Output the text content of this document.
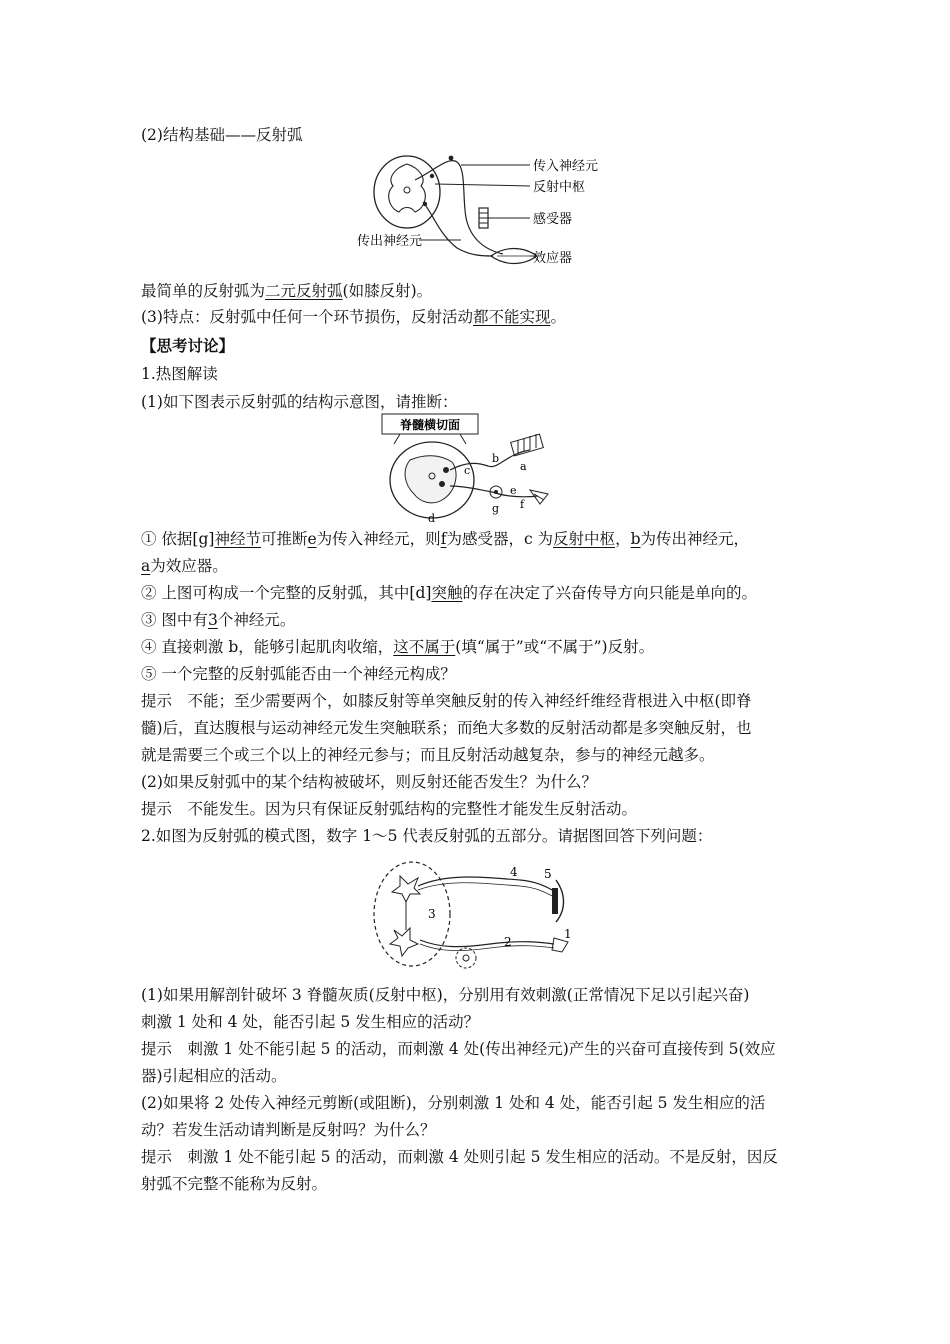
(2)结构基础——反射弧
传入神经元
反射中枢
感受器
传出神经元
效应器
最简单的反射弧为二元反射弧(如膝反射)。
(3)特点：反射弧中任何一个环节损伤，反射活动都不能实现。
【思考讨论】
1.热图解读
(1)如下图表示反射弧的结构示意图，请推断：
脊髓横切面
a
b
c
d
e
f
g
① 依据[g]神经节可推断e为传入神经元，则f为感受器，c 为反射中枢，b为传出神经元，
a为效应器。
② 上图可构成一个完整的反射弧，其中[d]突触的存在决定了兴奋传导方向只能是单向的。
③ 图中有3个神经元。
④ 直接刺激 b，能够引起肌肉收缩，这不属于(填“属于”或“不属于”)反射。
⑤ 一个完整的反射弧能否由一个神经元构成？
提示　不能；至少需要两个，如膝反射等单突触反射的传入神经纤维经背根进入中枢(即脊
髓)后，直达腹根与运动神经元发生突触联系；而绝大多数的反射活动都是多突触反射，也
就是需要三个或三个以上的神经元参与；而且反射活动越复杂，参与的神经元越多。
(2)如果反射弧中的某个结构被破坏，则反射还能否发生？为什么？
提示　不能发生。因为只有保证反射弧结构的完整性才能发生反射活动。
2.如图为反射弧的模式图，数字 1～5 代表反射弧的五部分。请据图回答下列问题：
4 5
3
2
1
(1)如果用解剖针破坏 3 脊髓灰质(反射中枢)，分别用有效刺激(正常情况下足以引起兴奋)
刺激 1 处和 4 处，能否引起 5 发生相应的活动？
提示　刺激 1 处不能引起 5 的活动，而刺激 4 处(传出神经元)产生的兴奋可直接传到 5(效应
器)引起相应的活动。
(2)如果将 2 处传入神经元剪断(或阻断)，分别刺激 1 处和 4 处，能否引起 5 发生相应的活
动？若发生活动请判断是反射吗？为什么？
提示　刺激 1 处不能引起 5 的活动，而刺激 4 处则引起 5 发生相应的活动。不是反射，因反
射弧不完整不能称为反射。
